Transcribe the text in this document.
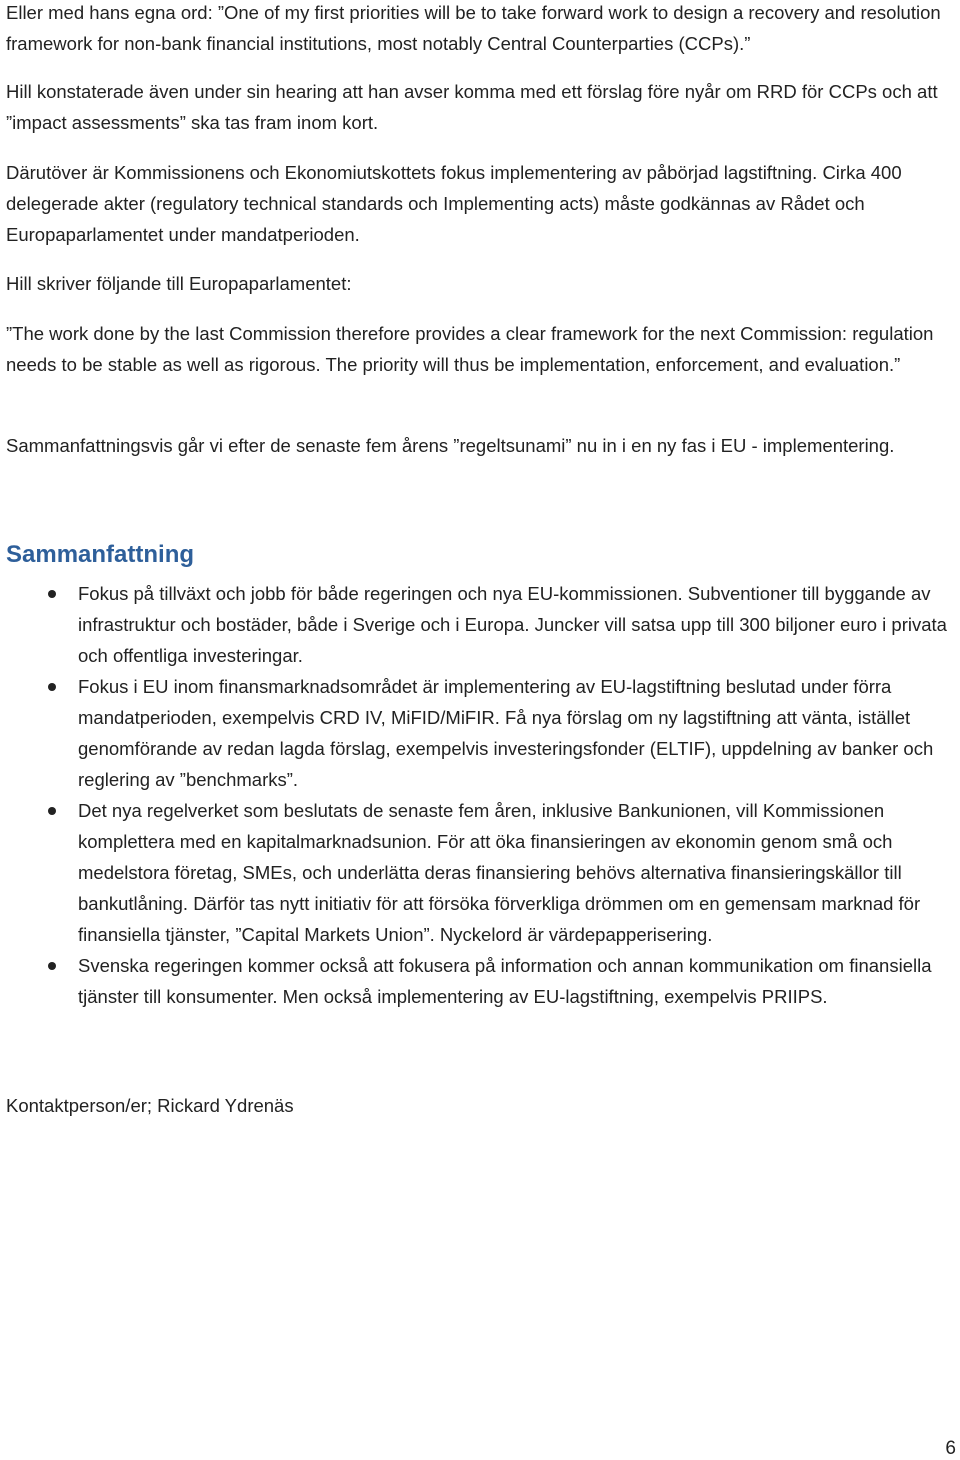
Eller med hans egna ord: ”One of my first priorities will be to take forward work to design a recovery and resolution framework for non-bank financial institutions, most notably Central Counterparties (CCPs).”

Hill konstaterade även under sin hearing att han avser komma med ett förslag före nyår om RRD för CCPs och att ”impact assessments” ska tas fram inom kort.

Därutöver är Kommissionens och Ekonomiutskottets fokus implementering av påbörjad lagstiftning. Cirka 400 delegerade akter (regulatory technical standards och Implementing acts) måste godkännas av Rådet och Europaparlamentet under mandatperioden.

Hill skriver följande till Europaparlamentet:

”The work done by the last Commission therefore provides a clear framework for the next Commission: regulation needs to be stable as well as rigorous. The priority will thus be implementation, enforcement, and evaluation.”

Sammanfattningsvis går vi efter de senaste fem årens ”regeltsunami” nu in i en ny fas i EU - implementering.

Sammanfattning
Fokus på tillväxt och jobb för både regeringen och nya EU-kommissionen. Subventioner till byggande av infrastruktur och bostäder, både i Sverige och i Europa. Juncker vill satsa upp till 300 biljoner euro i privata och offentliga investeringar.
Fokus i EU inom finansmarknadsområdet är implementering av EU-lagstiftning beslutad under förra mandatperioden, exempelvis CRD IV, MiFID/MiFIR. Få nya förslag om ny lagstiftning att vänta, istället genomförande av redan lagda förslag, exempelvis investeringsfonder (ELTIF), uppdelning av banker och reglering av ”benchmarks”.
Det nya regelverket som beslutats de senaste fem åren, inklusive Bankunionen, vill Kommissionen komplettera med en kapitalmarknadsunion. För att öka finansieringen av ekonomin genom små och medelstora företag, SMEs, och underlätta deras finansiering behövs alternativa finansieringskällor till bankutlåning. Därför tas nytt initiativ för att försöka förverkliga drömmen om en gemensam marknad för finansiella tjänster, ”Capital Markets Union”. Nyckelord är värdepapperisering.
Svenska regeringen kommer också att fokusera på information och annan kommunikation om finansiella tjänster till konsumenter. Men också implementering av EU-lagstiftning, exempelvis PRIIPS.

Kontaktperson/er; Rickard Ydrenäs

6
